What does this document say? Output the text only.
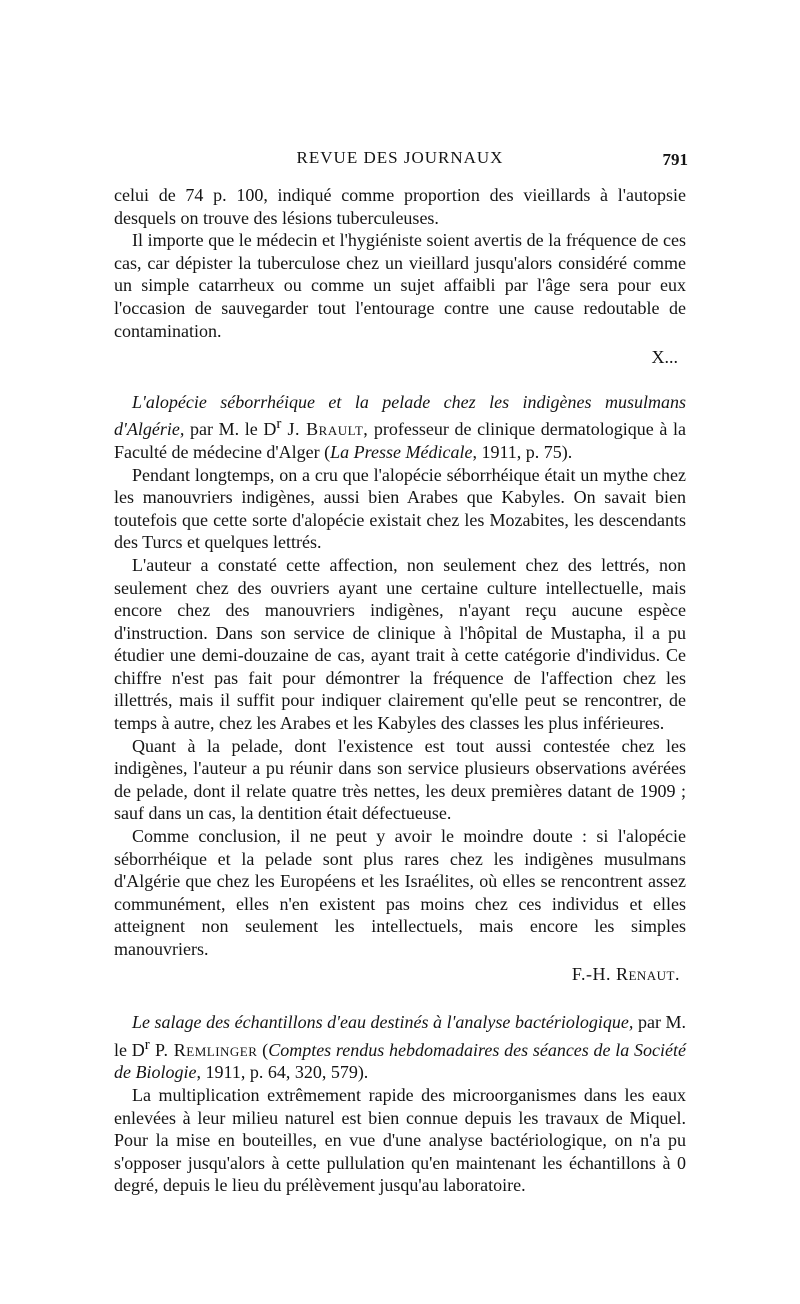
REVUE DES JOURNAUX	791

celui de 74 p. 100, indiqué comme proportion des vieillards à l'autopsie desquels on trouve des lésions tuberculeuses.

Il importe que le médecin et l'hygiéniste soient avertis de la fréquence de ces cas, car dépister la tuberculose chez un vieillard jusqu'alors considéré comme un simple catarrheux ou comme un sujet affaibli par l'âge sera pour eux l'occasion de sauvegarder tout l'entourage contre une cause redoutable de contamination.

X...

L'alopécie séborrhéique et la pelade chez les indigènes musulmans d'Algérie, par M. le $D^r$ J. Brault, professeur de clinique dermatologique à la Faculté de médecine d'Alger (La Presse Médicale, 1911, p. 75).

Pendant longtemps, on a cru que l'alopécie séborrhéique était un mythe chez les manouvriers indigènes, aussi bien Arabes que Kabyles. On savait bien toutefois que cette sorte d'alopécie existait chez les Mozabites, les descendants des Turcs et quelques lettrés.

L'auteur a constaté cette affection, non seulement chez des lettrés, non seulement chez des ouvriers ayant une certaine culture intellectuelle, mais encore chez des manouvriers indigènes, n'ayant reçu aucune espèce d'instruction. Dans son service de clinique à l'hôpital de Mustapha, il a pu étudier une demi-douzaine de cas, ayant trait à cette catégorie d'individus. Ce chiffre n'est pas fait pour démontrer la fréquence de l'affection chez les illettrés, mais il suffit pour indiquer clairement qu'elle peut se rencontrer, de temps à autre, chez les Arabes et les Kabyles des classes les plus inférieures.

Quant à la pelade, dont l'existence est tout aussi contestée chez les indigènes, l'auteur a pu réunir dans son service plusieurs observations avérées de pelade, dont il relate quatre très nettes, les deux premières datant de 1909 ; sauf dans un cas, la dentition était défectueuse.

Comme conclusion, il ne peut y avoir le moindre doute : si l'alopécie séborrhéique et la pelade sont plus rares chez les indigènes musulmans d'Algérie que chez les Européens et les Israélites, où elles se rencontrent assez communément, elles n'en existent pas moins chez ces individus et elles atteignent non seulement les intellectuels, mais encore les simples manouvriers.

F.-H. Renaut.

Le salage des échantillons d'eau destinés à l'analyse bactériologique, par M. le $D^r$ P. Remlinger (Comptes rendus hebdomadaires des séances de la Société de Biologie, 1911, p. 64, 320, 579).

La multiplication extrêmement rapide des microorganismes dans les eaux enlevées à leur milieu naturel est bien connue depuis les travaux de Miquel. Pour la mise en bouteilles, en vue d'une analyse bactériologique, on n'a pu s'opposer jusqu'alors à cette pullulation qu'en maintenant les échantillons à 0 degré, depuis le lieu du prélèvement jusqu'au laboratoire.
